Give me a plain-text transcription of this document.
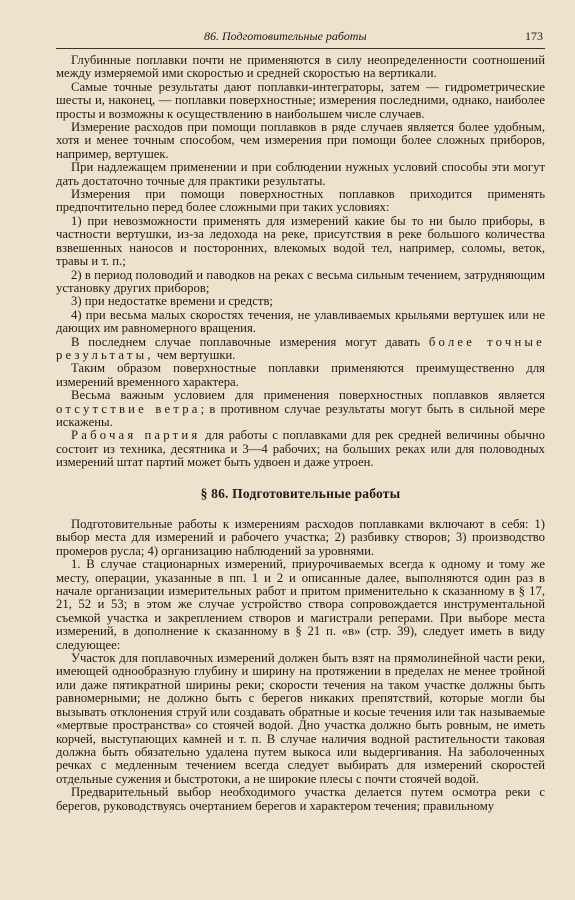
86. Подготовительные работы	173

Глубинные поплавки почти не применяются в силу неопределенности соотношений между измеряемой ими скоростью и средней скоростью на вертикали.

Самые точные результаты дают поплавки-интеграторы, затем — гидрометрические шесты и, наконец, — поплавки поверхностные; измерения последними, однако, наиболее просты и возможны к осуществлению в наибольшем числе случаев.

Измерение расходов при помощи поплавков в ряде случаев является более удобным, хотя и менее точным способом, чем измерения при помощи более сложных приборов, например, вертушек.

При надлежащем применении и при соблюдении нужных условий способы эти могут дать достаточно точные для практики результаты.

Измерения при помощи поверхностных поплавков приходится применять предпочтительно перед более сложными при таких условиях:

1) при невозможности применять для измерений какие бы то ни было приборы, в частности вертушки, из-за ледохода на реке, присутствия в реке большого количества взвешенных наносов и посторонних, влекомых водой тел, например, соломы, веток, травы и т. п.;

2) в период половодий и паводков на реках с весьма сильным течением, затрудняющим установку других приборов;

3) при недостатке времени и средств;

4) при весьма малых скоростях течения, не улавливаемых крыльями вертушек или не дающих им равномерного вращения.

В последнем случае поплавочные измерения могут давать более точные результаты, чем вертушки.

Таким образом поверхностные поплавки применяются преимущественно для измерений временного характера.

Весьма важным условием для применения поверхностных поплавков является отсутствие ветра; в противном случае результаты могут быть в сильной мере искажены.

Рабочая партия для работы с поплавками для рек средней величины обычно состоит из техника, десятника и 3—4 рабочих; на больших реках или для половодных измерений штат партий может быть удвоен и даже утроен.

§ 86. Подготовительные работы

Подготовительные работы к измерениям расходов поплавками включают в себя: 1) выбор места для измерений и рабочего участка; 2) разбивку створов; 3) производство промеров русла; 4) организацию наблюдений за уровнями.

1. В случае стационарных измерений, приурочиваемых всегда к одному и тому же месту, операции, указанные в пп. 1 и 2 и описанные далее, выполняются один раз в начале организации измерительных работ и притом применительно к сказанному в § 17, 21, 52 и 53; в этом же случае устройство створа сопровождается инструментальной съемкой участка и закреплением створов и магистрали реперами. При выборе места измерений, в дополнение к сказанному в § 21 п. «в» (стр. 39), следует иметь в виду следующее:

Участок для поплавочных измерений должен быть взят на прямолинейной части реки, имеющей однообразную глубину и ширину на протяжении в пределах не менее тройной или даже пятикратной ширины реки; скорости течения на таком участке должны быть равномерными; не должно быть с берегов никаких препятствий, которые могли бы вызывать отклонения струй или создавать обратные и косые течения или так называемые «мертвые пространства» со стоячей водой. Дно участка должно быть ровным, не иметь корчей, выступающих камней и т. п. В случае наличия водной растительности таковая должна быть обязательно удалена путем выкоса или выдергивания. На заболоченных речках с медленным течением всегда следует выбирать для измерений скоростей отдельные сужения и быстротоки, а не широкие плесы с почти стоячей водой.

Предварительный выбор необходимого участка делается путем осмотра реки с берегов, руководствуясь очертанием берегов и характером течения; правильному
